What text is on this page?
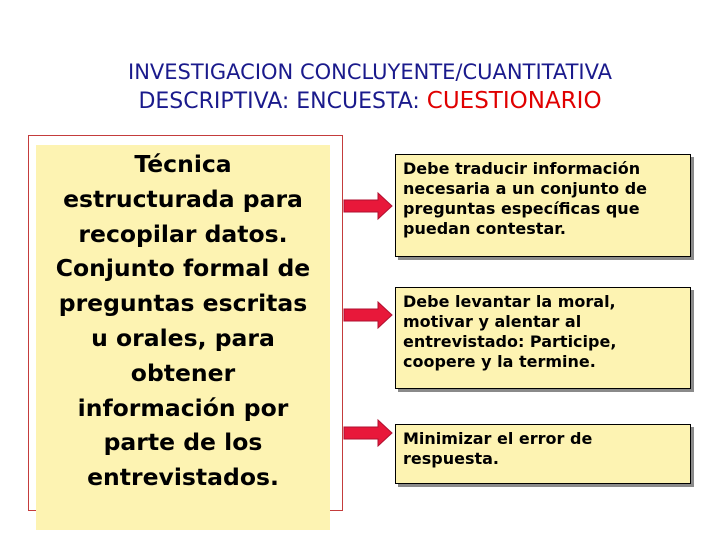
INVESTIGACION CONCLUYENTE/CUANTITATIVA
DESCRIPTIVA: ENCUESTA: CUESTIONARIO
Técnica
estructurada para
recopilar datos.
Conjunto formal de
preguntas escritas
u orales, para
obtener
información por
parte de los
entrevistados.
Debe traducir información
necesaria a un conjunto de
preguntas específicas que
puedan contestar.
Debe levantar la moral,
motivar y alentar al
entrevistado: Participe,
coopere y la termine.
Minimizar el error de
respuesta.
